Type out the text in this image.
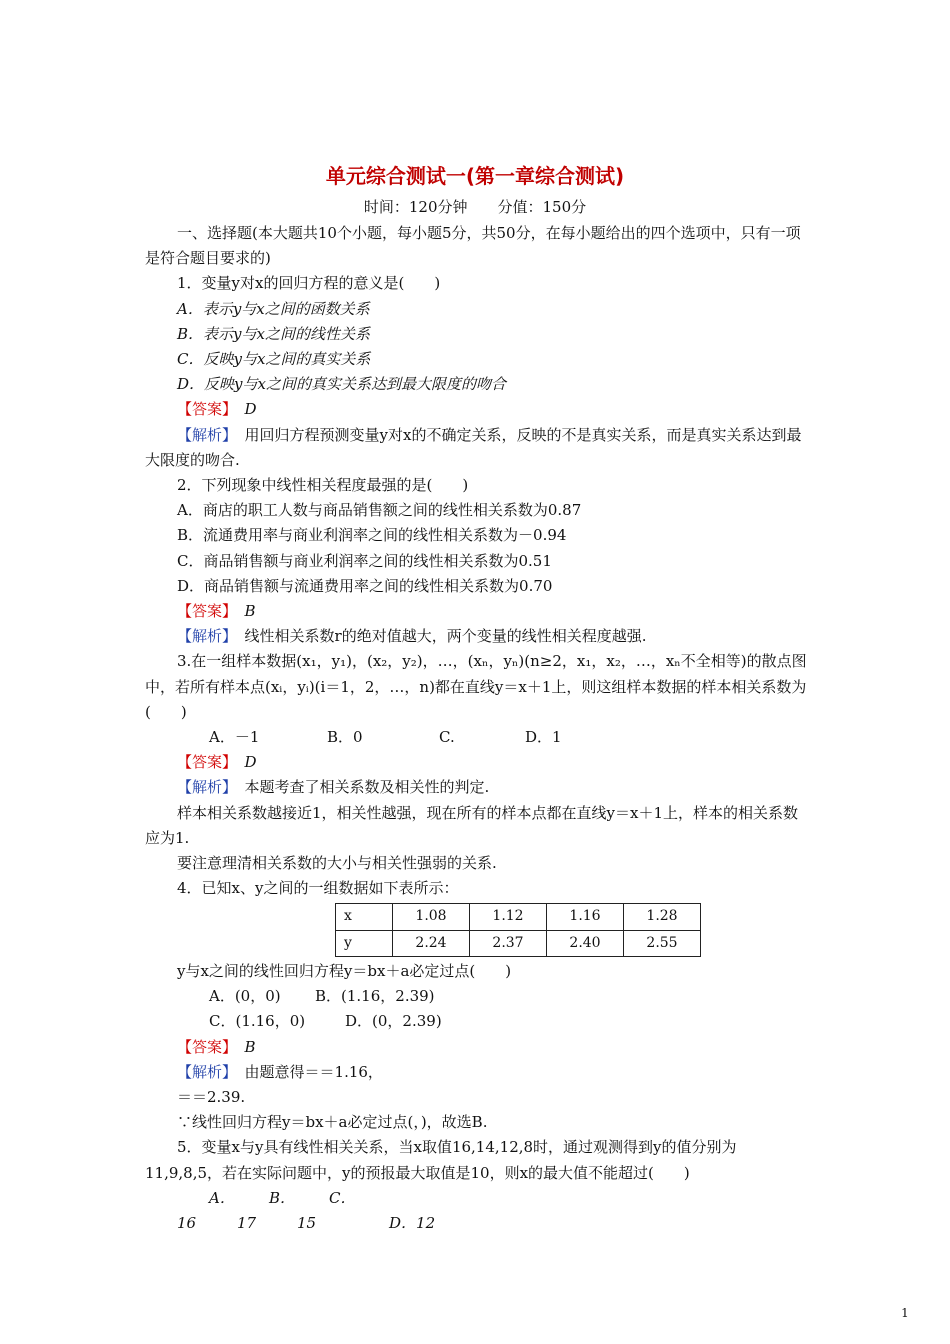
单元综合测试一(第一章综合测试)
时间：120分钟　　分值：150分

一、选择题(本大题共10个小题，每小题5分，共50分，在每小题给出的四个选项中，只有一项是符合题目要求的)

1．变量y对x的回归方程的意义是(　　)

A．表示y与x之间的函数关系

B．表示y与x之间的线性关系

C．反映y与x之间的真实关系

D．反映y与x之间的真实关系达到最大限度的吻合

【答案】　 D

【解析】　 用回归方程预测变量y对x的不确定关系，反映的不是真实关系，而是真实关系达到最大限度的吻合.

2．下列现象中线性相关程度最强的是(　　)

A．商店的职工人数与商品销售额之间的线性相关系数为0.87

B．流通费用率与商业利润率之间的线性相关系数为－0.94

C．商品销售额与商业利润率之间的线性相关系数为0.51

D．商品销售额与流通费用率之间的线性相关系数为0.70

【答案】　 B

【解析】　 线性相关系数r的绝对值越大，两个变量的线性相关程度越强.

3.在一组样本数据(x₁，y₁)，(x₂，y₂)，…，(xₙ，yₙ)(n≥2，x₁，x₂，…，xₙ不全相等)的散点图中，若所有样本点(xᵢ，yᵢ)(i＝1，2，…，n)都在直线y＝x＋1上，则这组样本数据的样本相关系数为(　　)

A．－1	B．0	C.	D．1

【答案】　 D

【解析】　 本题考查了相关系数及相关性的判定.

样本相关系数越接近1，相关性越强，现在所有的样本点都在直线y＝x＋1上，样本的相关系数应为1.

要注意理清相关系数的大小与相关性强弱的关系.

4．已知x、y之间的一组数据如下表所示：

x	1.08	1.12	1.16	1.28
y	2.24	2.37	2.40	2.55

y与x之间的线性回归方程y＝bx＋a必定过点(　　)

A．(0，0) B．(1.16，2.39)

C．(1.16，0)	D．(0，2.39)

【答案】　 B

【解析】　 由题意得＝＝1.16，

＝＝2.39.

∵线性回归方程y＝bx＋a必定过点(，)，故选B.

5．变量x与y具有线性相关关系，当x取值16,14,12,8时，通过观测得到y的值分别为11,9,8,5，若在实际问题中，y的预报最大取值是10，则x的最大值不能超过(　　)

A．16B．17C．15	D．12

1
